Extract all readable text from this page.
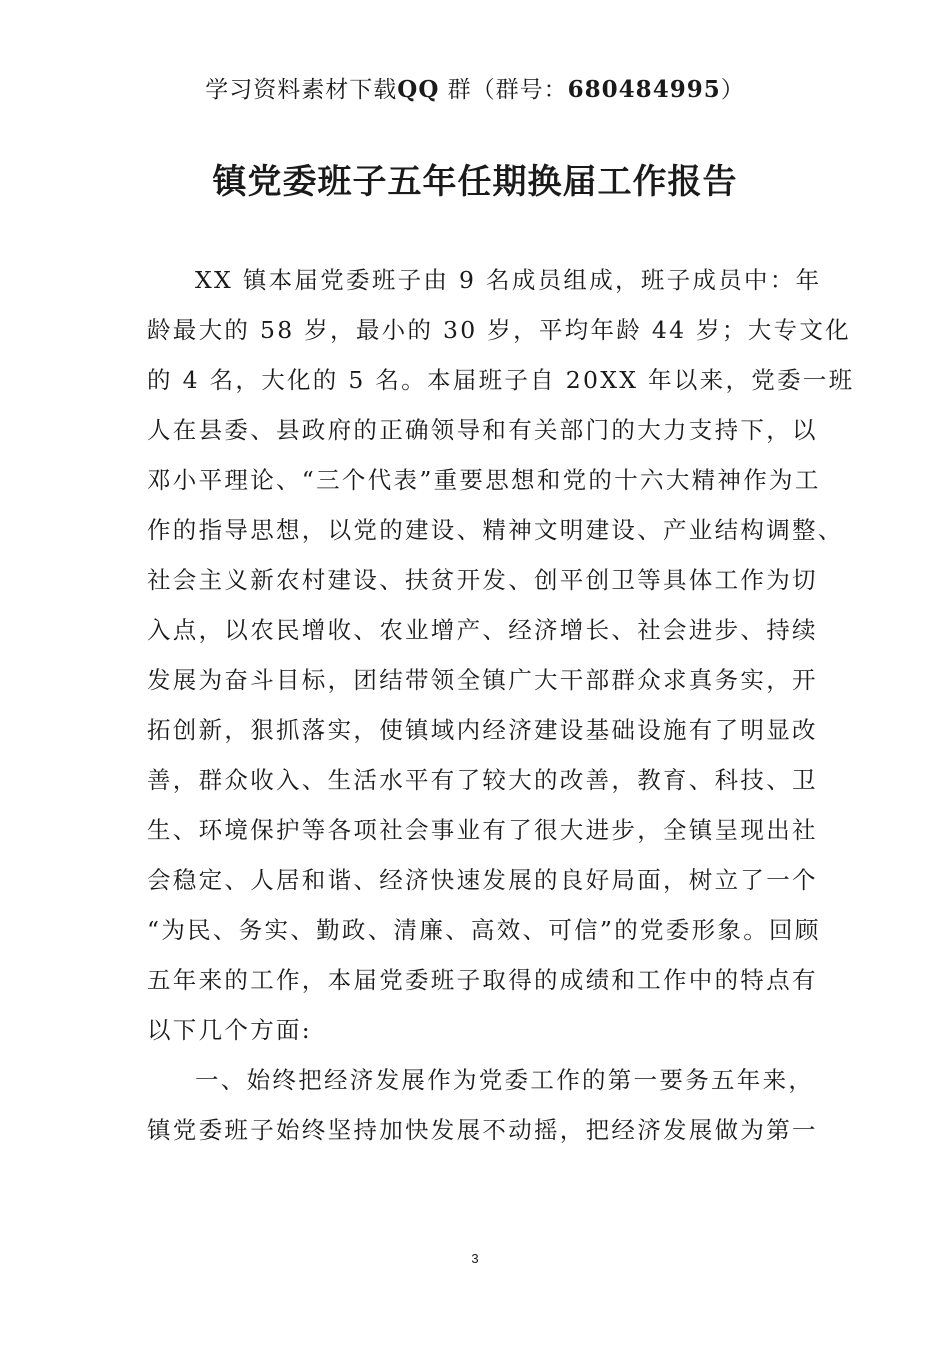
学习资料素材下载QQ 群（群号：680484995）
镇党委班子五年任期换届工作报告
XX 镇本届党委班子由 9 名成员组成，班子成员中：年
龄最大的 58 岁，最小的 30 岁，平均年龄 44 岁；大专文化
的 4 名，大化的 5 名。本届班子自 20XX 年以来，党委一班
人在县委、县政府的正确领导和有关部门的大力支持下，以
邓小平理论、“三个代表”重要思想和党的十六大精神作为工
作的指导思想，以党的建设、精神文明建设、产业结构调整、
社会主义新农村建设、扶贫开发、创平创卫等具体工作为切
入点，以农民增收、农业增产、经济增长、社会进步、持续
发展为奋斗目标，团结带领全镇广大干部群众求真务实，开
拓创新，狠抓落实，使镇域内经济建设基础设施有了明显改
善，群众收入、生活水平有了较大的改善，教育、科技、卫
生、环境保护等各项社会事业有了很大进步，全镇呈现出社
会稳定、人居和谐、经济快速发展的良好局面，树立了一个
“为民、务实、勤政、清廉、高效、可信”的党委形象。回顾
五年来的工作，本届党委班子取得的成绩和工作中的特点有
以下几个方面:
一、始终把经济发展作为党委工作的第一要务五年来，
镇党委班子始终坚持加快发展不动摇，把经济发展做为第一
3
